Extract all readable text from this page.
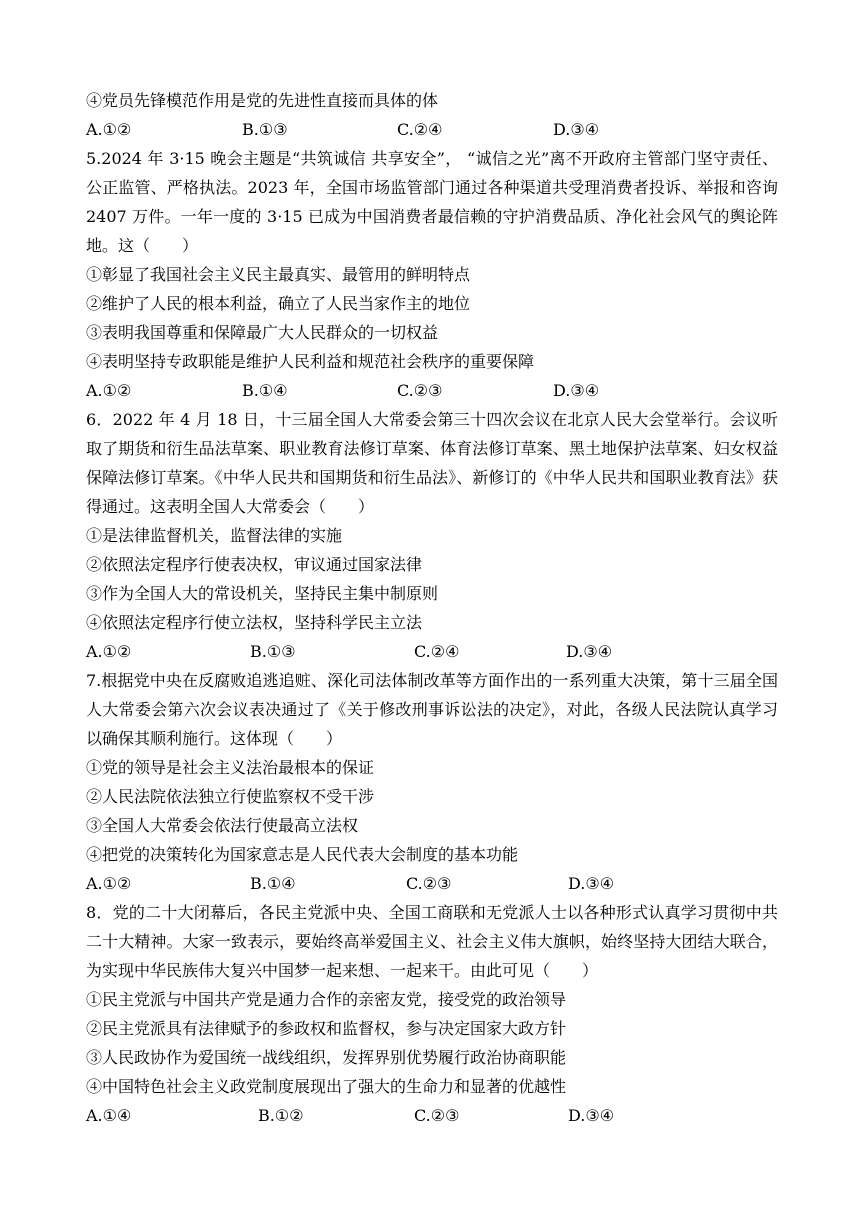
④党员先锋模范作用是党的先进性直接而具体的体
A.①②	B.①③	C.②④	D.③④
5.2024 年 3·15 晚会主题是“共筑诚信 共享安全”， “诚信之光”离不开政府主管部门坚守责任、公正监管、严格执法。2023 年，全国市场监管部门通过各种渠道共受理消费者投诉、举报和咨询 2407 万件。一年一度的 3·15 已成为中国消费者最信赖的守护消费品质、净化社会风气的舆论阵地。这（　　）
①彰显了我国社会主义民主最真实、最管用的鲜明特点
②维护了人民的根本利益，确立了人民当家作主的地位
③表明我国尊重和保障最广大人民群众的一切权益
④表明坚持专政职能是维护人民利益和规范社会秩序的重要保障
A.①②	B.①④	C.②③	D.③④
6．2022 年 4 月 18 日，十三届全国人大常委会第三十四次会议在北京人民大会堂举行。会议听取了期货和衍生品法草案、职业教育法修订草案、体育法修订草案、黑土地保护法草案、妇女权益保障法修订草案。《中华人民共和国期货和衍生品法》、新修订的《中华人民共和国职业教育法》获得通过。这表明全国人大常委会（　　）
①是法律监督机关，监督法律的实施
②依照法定程序行使表决权，审议通过国家法律
③作为全国人大的常设机关，坚持民主集中制原则
④依照法定程序行使立法权，坚持科学民主立法
A.①②	B.①③	C.②④	D.③④
7.根据党中央在反腐败追逃追赃、深化司法体制改革等方面作出的一系列重大决策，第十三届全国人大常委会第六次会议表决通过了《关于修改刑事诉讼法的决定》，对此，各级人民法院认真学习以确保其顺利施行。这体现（　　）
①党的领导是社会主义法治最根本的保证
②人民法院依法独立行使监察权不受干涉
③全国人大常委会依法行使最高立法权
④把党的决策转化为国家意志是人民代表大会制度的基本功能
A.①②	B.①④	C.②③	D.③④
8．党的二十大闭幕后，各民主党派中央、全国工商联和无党派人士以各种形式认真学习贯彻中共二十大精神。大家一致表示，要始终高举爱国主义、社会主义伟大旗帜，始终坚持大团结大联合，为实现中华民族伟大复兴中国梦一起来想、一起来干。由此可见（　　）
①民主党派与中国共产党是通力合作的亲密友党，接受党的政治领导
②民主党派具有法律赋予的参政权和监督权，参与决定国家大政方针
③人民政协作为爱国统一战线组织，发挥界别优势履行政治协商职能
④中国特色社会主义政党制度展现出了强大的生命力和显著的优越性
A.①④	B.①②	C.②③	D.③④
